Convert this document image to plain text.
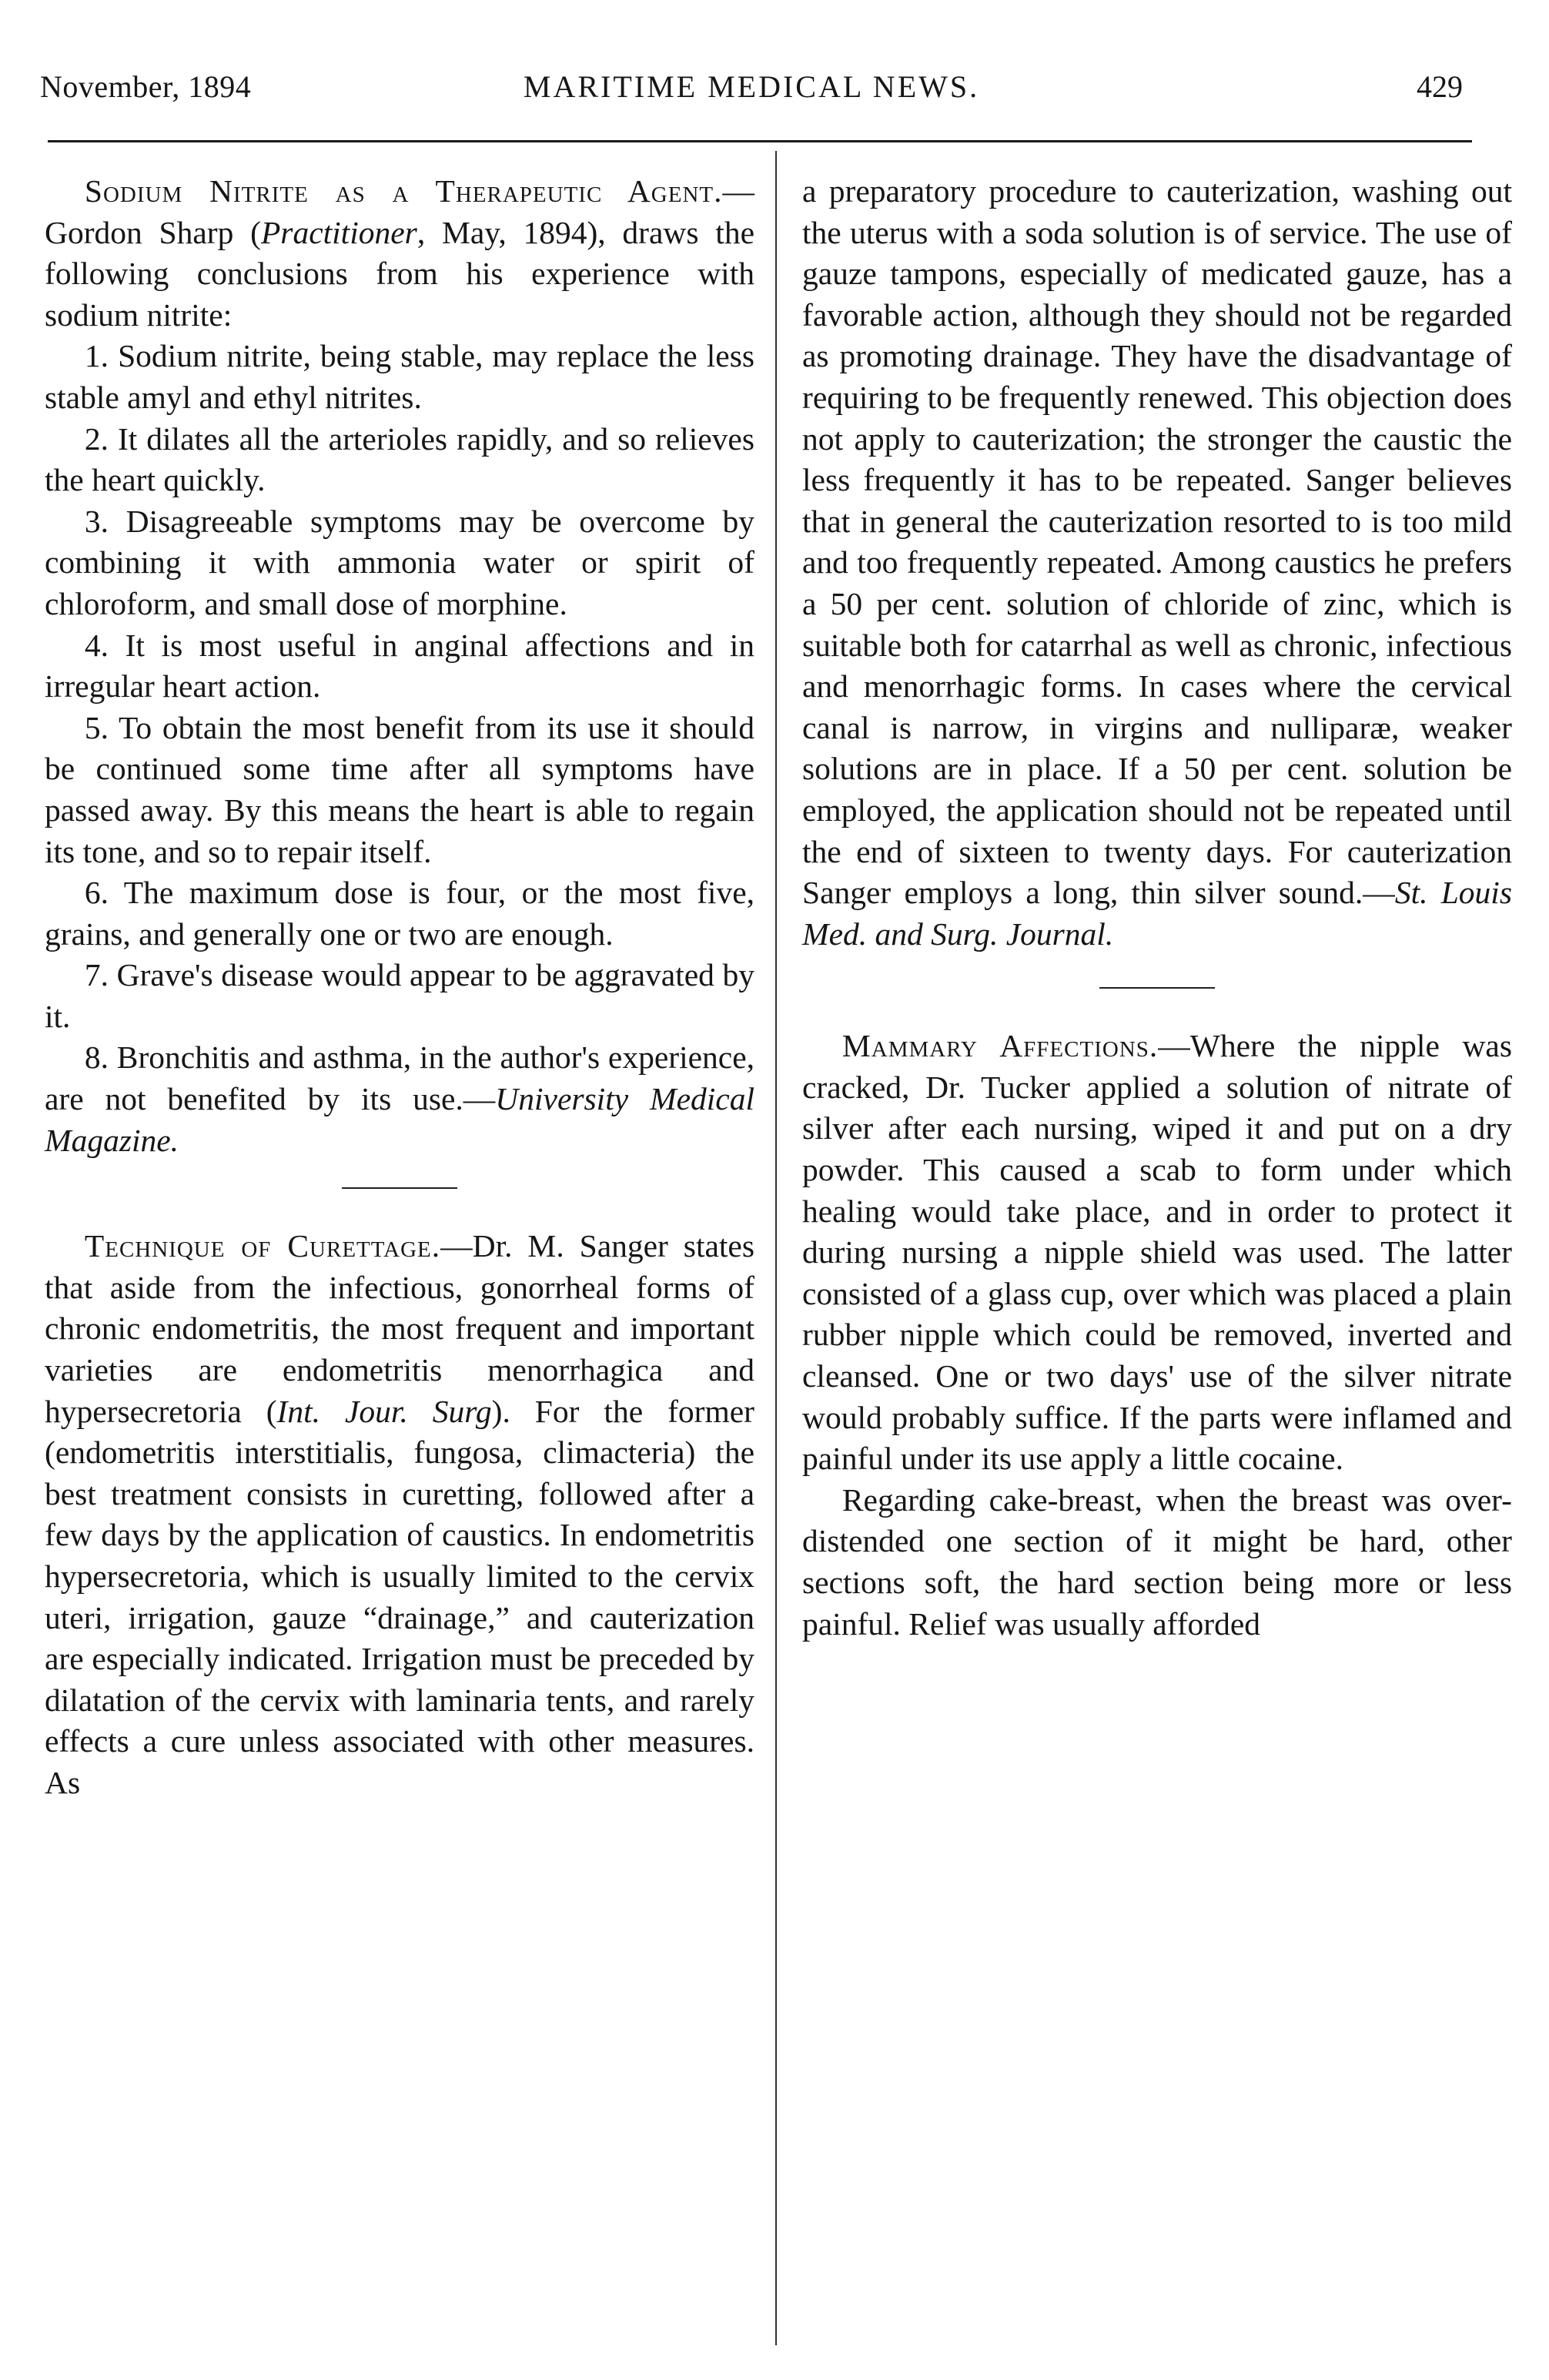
November, 1894	MARITIME MEDICAL NEWS.	429

Sodium Nitrite as a Therapeutic Agent.—Gordon Sharp (Practitioner, May, 1894), draws the following conclusions from his experience with sodium nitrite:

1. Sodium nitrite, being stable, may replace the less stable amyl and ethyl nitrites.

2. It dilates all the arterioles rapidly, and so relieves the heart quickly.

3. Disagreeable symptoms may be overcome by combining it with ammonia water or spirit of chloroform, and small dose of morphine.

4. It is most useful in anginal affections and in irregular heart action.

5. To obtain the most benefit from its use it should be continued some time after all symptoms have passed away. By this means the heart is able to regain its tone, and so to repair itself.

6. The maximum dose is four, or the most five, grains, and generally one or two are enough.

7. Grave's disease would appear to be aggravated by it.

8. Bronchitis and asthma, in the author's experience, are not benefited by its use.—University Medical Magazine.

Technique of Curettage.—Dr. M. Sanger states that aside from the infectious, gonorrheal forms of chronic endometritis, the most frequent and important varieties are endometritis menorrhagica and hypersecretoria (Int. Jour. Surg). For the former (endometritis interstitialis, fungosa, climacteria) the best treatment consists in curetting, followed after a few days by the application of caustics. In endometritis hypersecretoria, which is usually limited to the cervix uteri, irrigation, gauze “drainage,” and cauterization are especially indicated. Irrigation must be preceded by dilatation of the cervix with laminaria tents, and rarely effects a cure unless associated with other measures. As

a preparatory procedure to cauterization, washing out the uterus with a soda solution is of service. The use of gauze tampons, especially of medicated gauze, has a favorable action, although they should not be regarded as promoting drainage. They have the disadvantage of requiring to be frequently renewed. This objection does not apply to cauterization; the stronger the caustic the less frequently it has to be repeated. Sanger believes that in general the cauterization resorted to is too mild and too frequently repeated. Among caustics he prefers a 50 per cent. solution of chloride of zinc, which is suitable both for catarrhal as well as chronic, infectious and menorrhagic forms. In cases where the cervical canal is narrow, in virgins and nulliparæ, weaker solutions are in place. If a 50 per cent. solution be employed, the application should not be repeated until the end of sixteen to twenty days. For cauterization Sanger employs a long, thin silver sound.—St. Louis Med. and Surg. Journal.

Mammary Affections.—Where the nipple was cracked, Dr. Tucker applied a solution of nitrate of silver after each nursing, wiped it and put on a dry powder. This caused a scab to form under which healing would take place, and in order to protect it during nursing a nipple shield was used. The latter consisted of a glass cup, over which was placed a plain rubber nipple which could be removed, inverted and cleansed. One or two days' use of the silver nitrate would probably suffice. If the parts were inflamed and painful under its use apply a little cocaine.

Regarding cake-breast, when the breast was over-distended one section of it might be hard, other sections soft, the hard section being more or less painful. Relief was usually afforded
